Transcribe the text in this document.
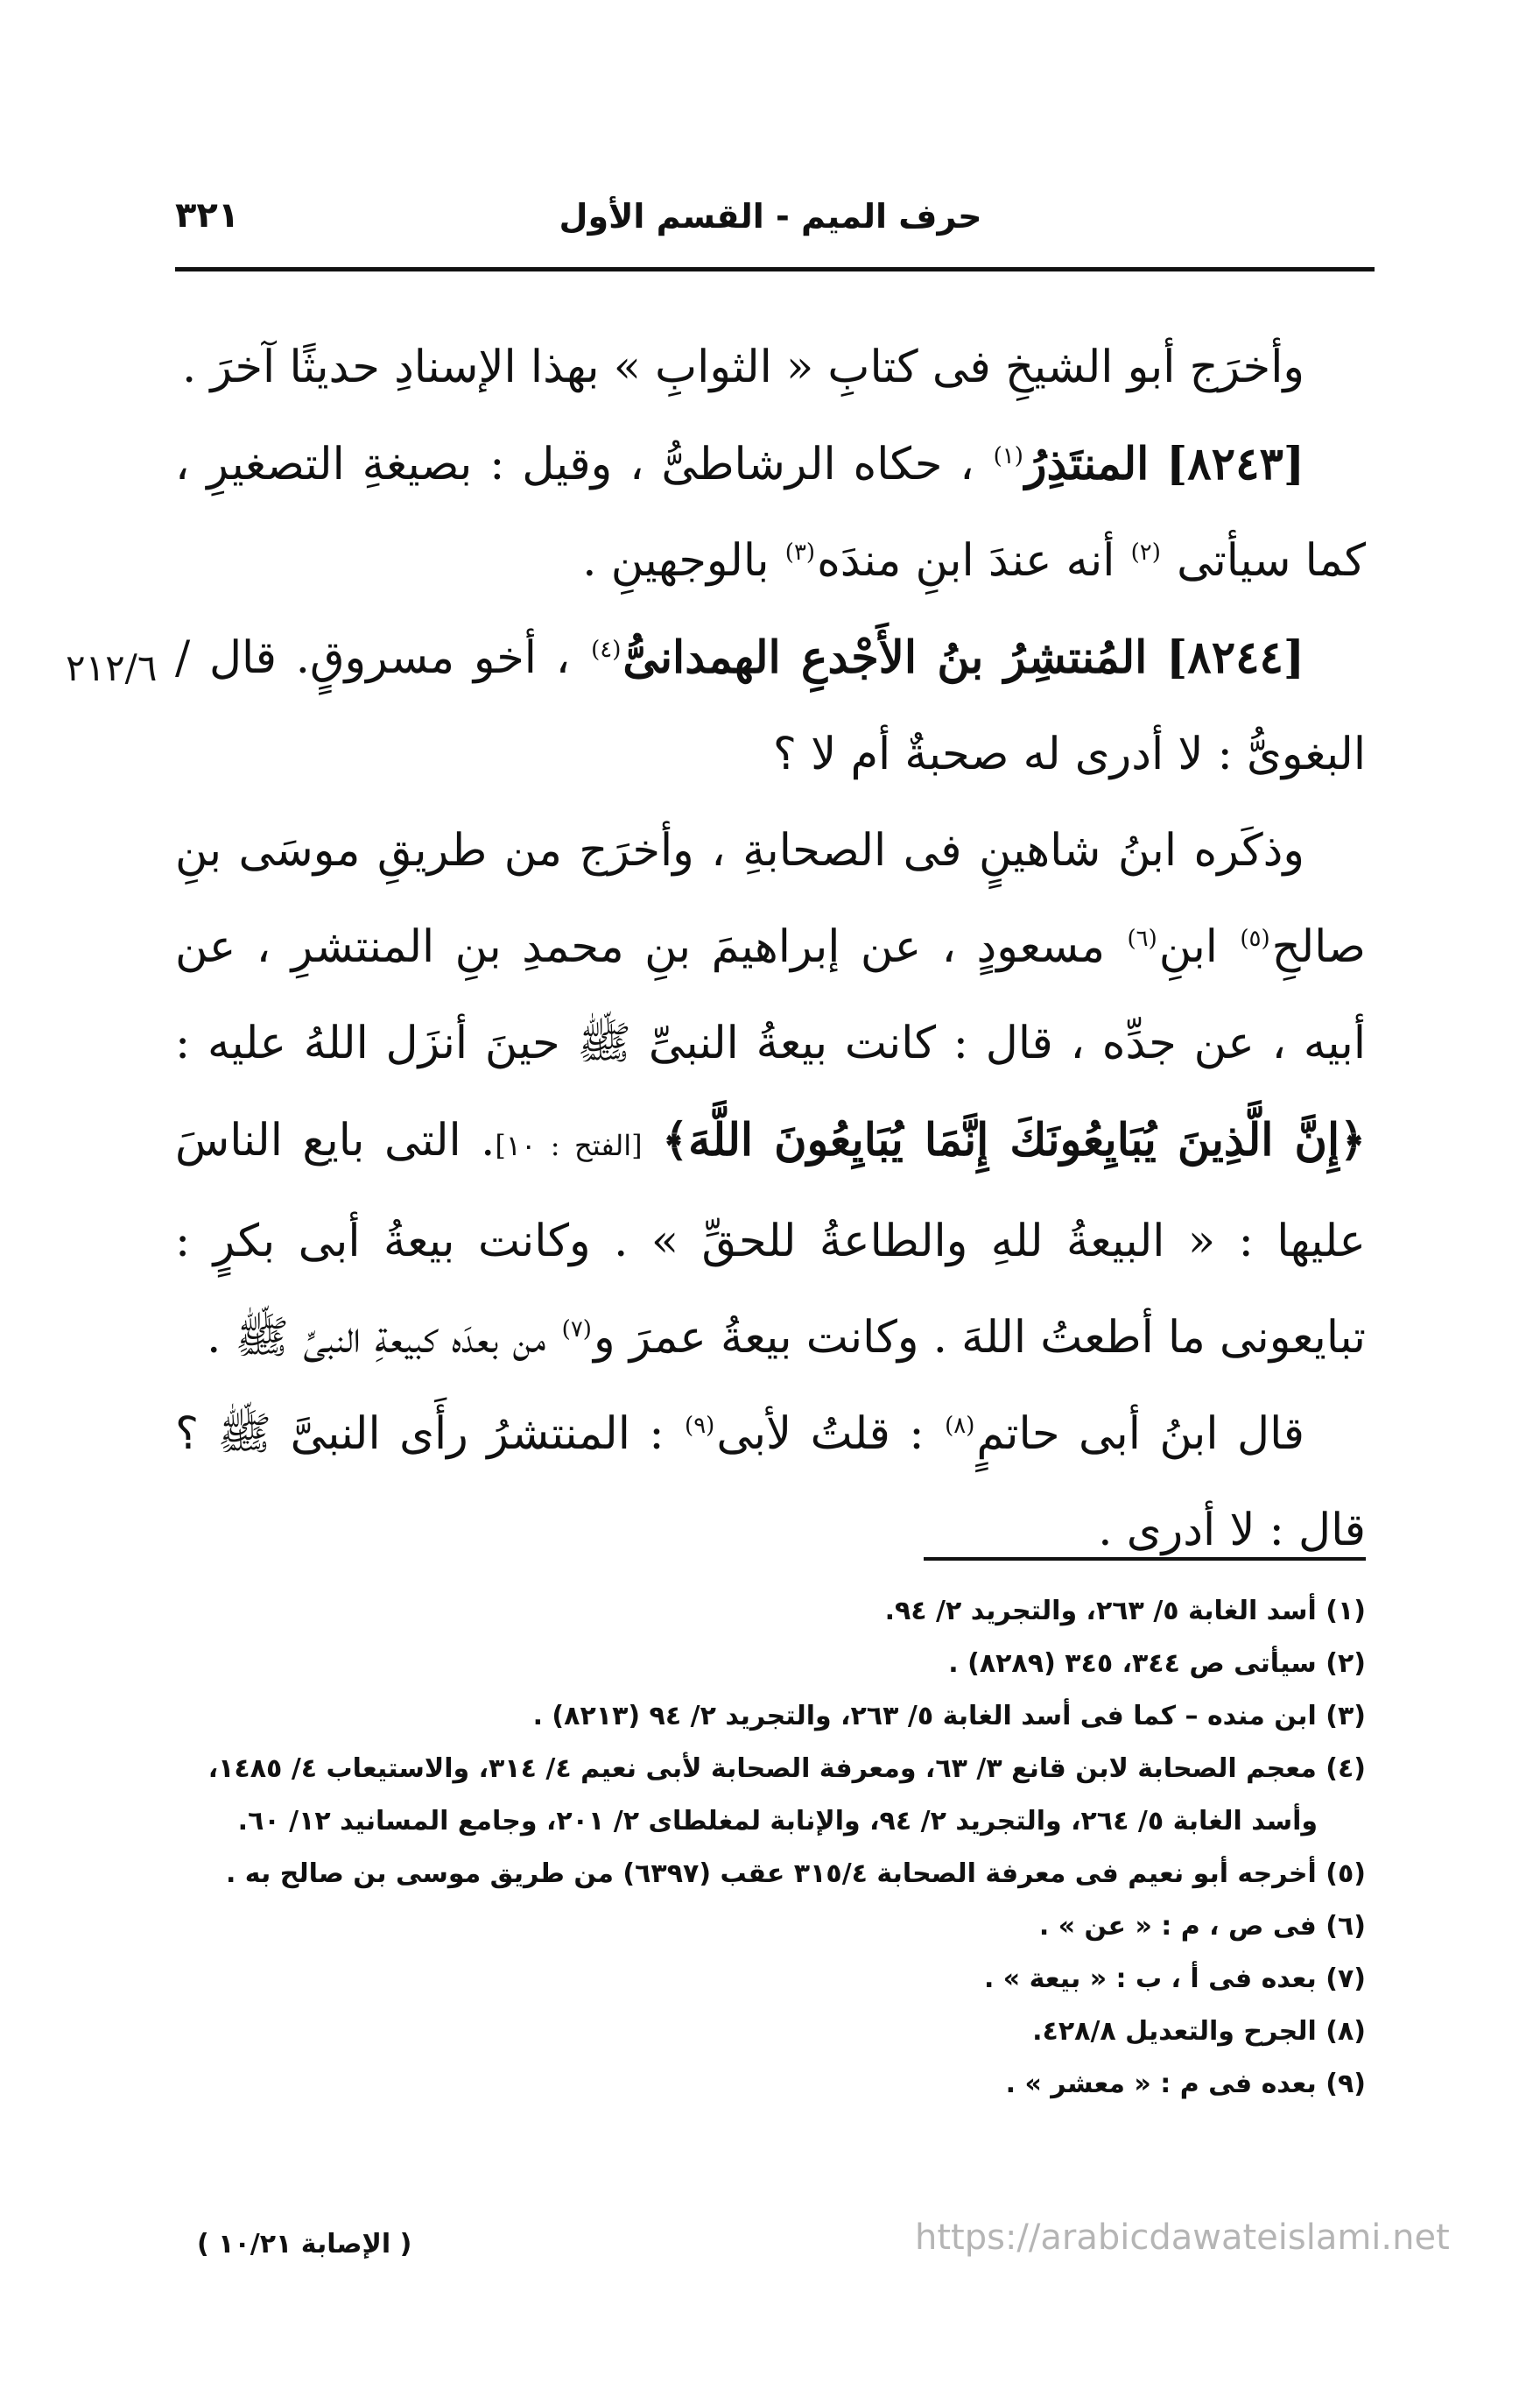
حرف الميم - القسم الأول
٣٢١

وأخرَج أبو الشيخِ فى كتابِ « الثوابِ » بهذا الإسنادِ حديثًا آخرَ .

[٨٢٤٣] المنتَذِرُ$^{(١)}$ ، حكاه الرشاطىُّ ، وقيل : بصيغةِ التصغيرِ ، كما سيأتى $^{(٢)}$ أنه عندَ ابنِ مندَه$^{(٣)}$ بالوجهينِ .

[٨٢٤٤] المُنتشِرُ بنُ الأَجْدعِ الهمدانىُّ$^{(٤)}$ ، أخو مسروقٍ. قال / البغوىُّ : لا أدرى له صحبةٌ أم لا ؟

وذكَره ابنُ شاهينٍ فى الصحابةِ ، وأخرَج من طريقِ موسَى بنِ صالحِ$^{(٥)}$ ابنِ$^{(٦)}$ مسعودٍ ، عن إبراهيمَ بنِ محمدِ بنِ المنتشرِ ، عن أبيه ، عن جدِّه ، قال : كانت بيعةُ النبىِّ ﷺ حينَ أنزَل اللهُ عليه : ﴿إِنَّ الَّذِينَ يُبَايِعُونَكَ إِنَّمَا يُبَايِعُونَ اللَّهَ﴾ [الفتح : ١٠]. التى بايع الناسَ عليها : « البيعةُ للهِ والطاعةُ للحقِّ » . وكانت بيعةُ أبى بكرٍ : تبايعونى ما أطعتُ اللهَ . وكانت بيعةُ عمرَ و$^{(٧)}$ من بعدَه كبيعةِ النبىِّ ﷺ .

قال ابنُ أبى حاتمٍ$^{(٨)}$ : قلتُ لأبى$^{(٩)}$ : المنتشرُ رأَى النبىَّ ﷺ ؟ قال : لا أدرى .

٢١٢/٦

(١) أسد الغابة ٥/ ٢٦٣، والتجريد ٢/ ٩٤.

(٢) سيأتى ص ٣٤٤، ٣٤٥ (٨٢٨٩) .

(٣) ابن منده – كما فى أسد الغابة ٥/ ٢٦٣، والتجريد ٢/ ٩٤ (٨٢١٣) .

(٤) معجم الصحابة لابن قانع ٣/ ٦٣، ومعرفة الصحابة لأبى نعيم ٤/ ٣١٤، والاستيعاب ٤/ ١٤٨٥،

وأسد الغابة ٥/ ٢٦٤، والتجريد ٢/ ٩٤، والإنابة لمغلطاى ٢/ ٢٠١، وجامع المسانيد ١٢/ ٦٠.

(٥) أخرجه أبو نعيم فى معرفة الصحابة ٣١٥/٤ عقب (٦٣٩٧) من طريق موسى بن صالح به .

(٦) فى ص ، م : « عن » .

(٧) بعده فى أ ، ب : « بيعة » .

(٨) الجرح والتعديل ٤٢٨/٨.

(٩) بعده فى م : « معشر » .

( الإصابة ١٠/٢١ )	https://arabicdawateislami.net
